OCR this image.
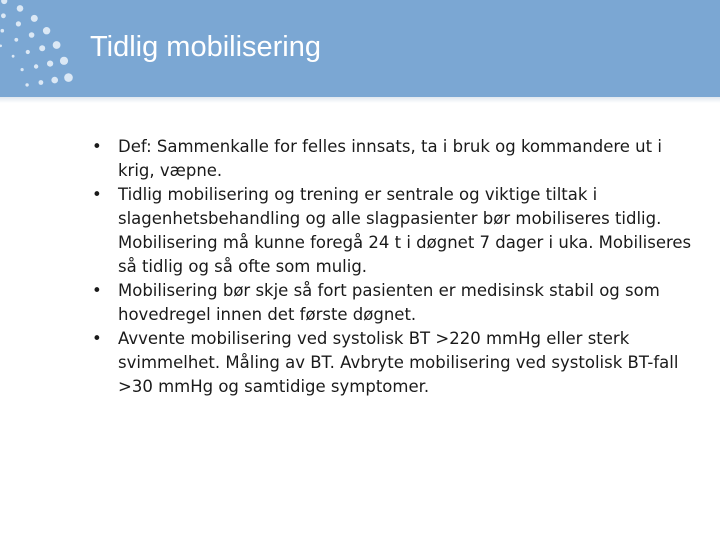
Tidlig mobilisering
• Def: Sammenkalle for felles innsats, ta i bruk og kommandere ut i krig, væpne.
• Tidlig mobilisering og trening er sentrale og viktige tiltak i slagenhetsbehandling og alle slagpasienter bør mobiliseres tidlig. Mobilisering må kunne foregå 24 t i døgnet 7 dager i uka. Mobiliseres så tidlig og så ofte som mulig.
• Mobilisering bør skje så fort pasienten er medisinsk stabil og som hovedregel innen det første døgnet.
• Avvente mobilisering ved systolisk BT >220 mmHg eller sterk svimmelhet. Måling av BT. Avbryte mobilisering ved systolisk BT-fall >30 mmHg og samtidige symptomer.
